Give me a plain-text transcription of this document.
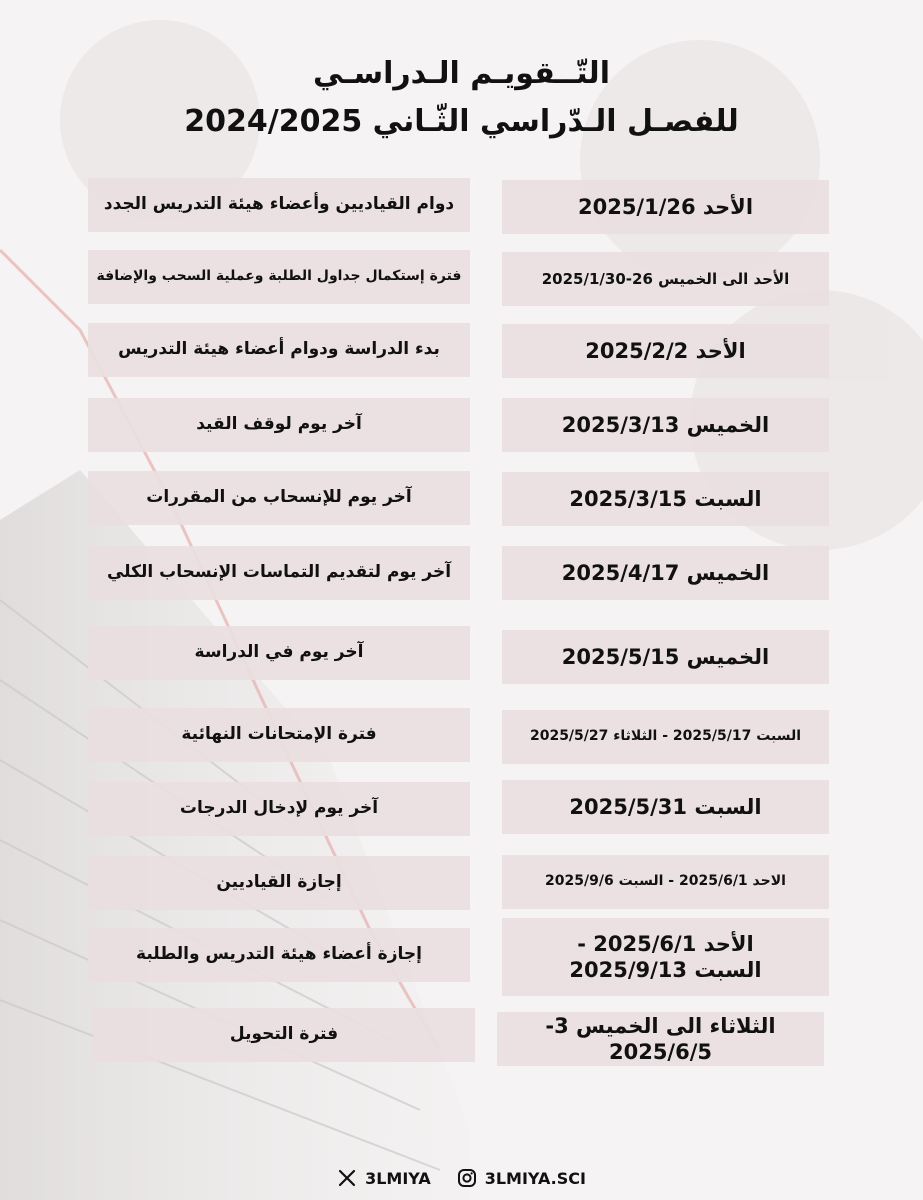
التّــقويـم الـدراسـي
للفصـل الـدّراسي الثّـاني 2024/2025
الأحد 2025/1/26
دوام القياديين وأعضاء هيئة التدريس الجدد
الأحد الى الخميس 26-2025/1/30
فترة إستكمال جداول الطلبة وعملية السحب والإضافة
الأحد 2025/2/2
بدء الدراسة ودوام أعضاء هيئة التدريس
الخميس 2025/3/13
آخر يوم لوقف القيد
السبت 2025/3/15
آخر يوم للإنسحاب من المقررات
الخميس 2025/4/17
آخر يوم لتقديم التماسات الإنسحاب الكلي
الخميس 2025/5/15
آخر يوم في الدراسة
السبت 2025/5/17 - الثلاثاء 2025/5/27
فترة الإمتحانات النهائية
السبت 2025/5/31
آخر يوم لإدخال الدرجات
الاحد 2025/6/1 - السبت 2025/9/6
إجازة القياديين
الأحد 2025/6/1 - السبت 2025/9/13
إجازة أعضاء هيئة التدريس والطلبة
الثلاثاء الى الخميس 3-2025/6/5
فترة التحويل
3LMIYA	3LMIYA.SCI
